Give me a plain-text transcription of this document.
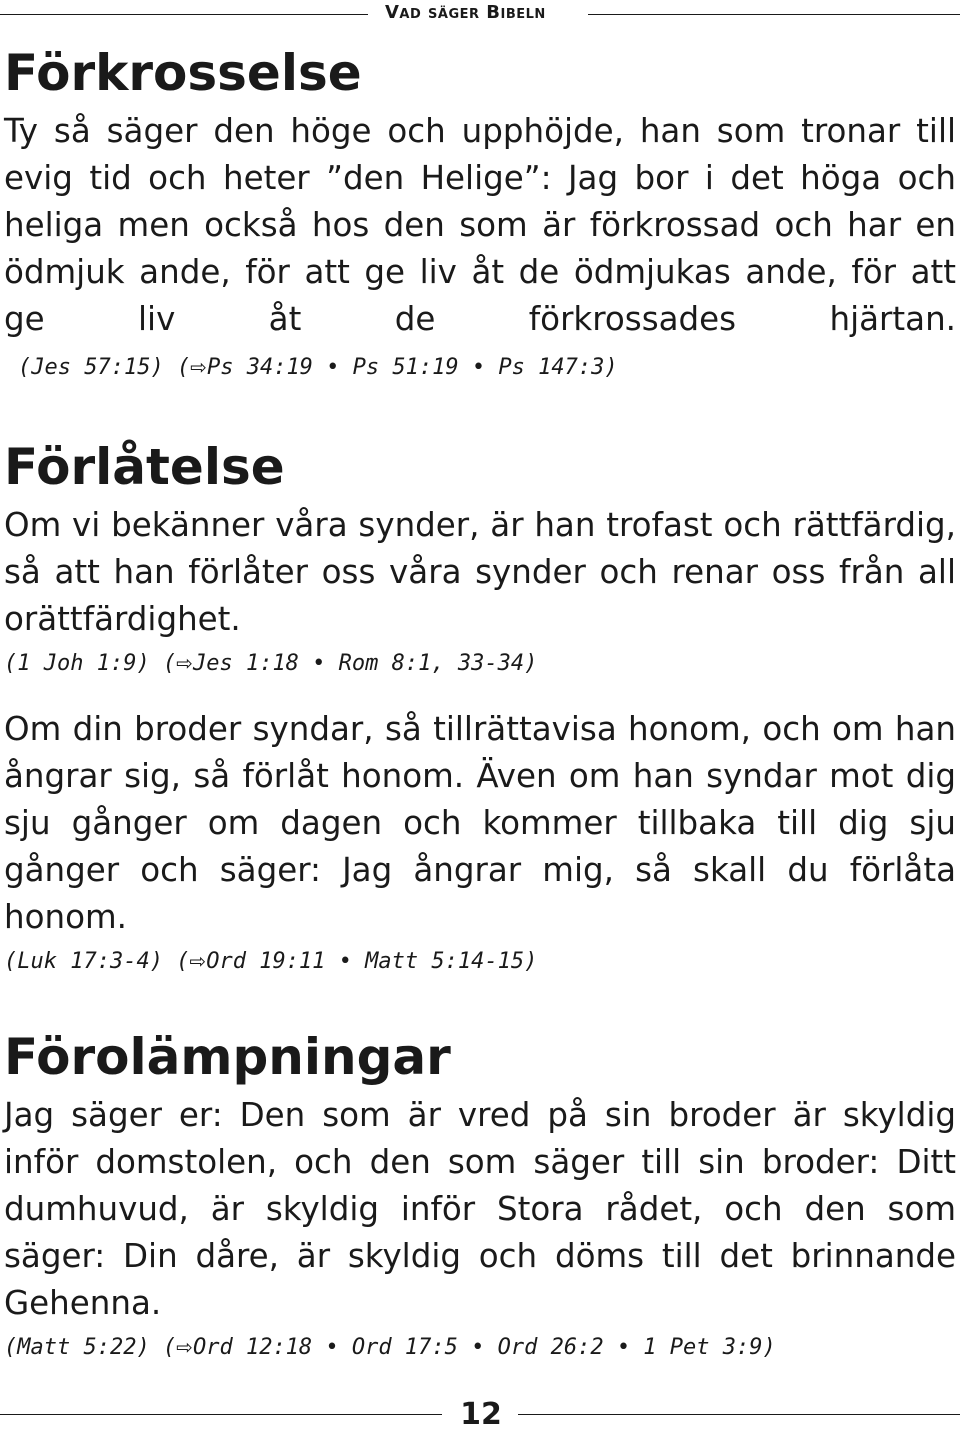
Vad säger Bibeln
Förkrosselse

Ty så säger den höge och upphöjde, han som tronar till evig tid och heter ”den Helige”: Jag bor i det höga och heliga men också hos den som är förkrossad och har en ödmjuk ande, för att ge liv åt de ödmjukas ande, för att ge liv åt de förkrossades hjärtan.(Jes 57:15) (⇨Ps 34:19 • Ps 51:19 • Ps 147:3)

Förlåtelse

Om vi bekänner våra synder, är han trofast och rättfärdig, så att han förlåter oss våra synder och renar oss från all orättfärdighet.

(1 Joh 1:9) (⇨Jes 1:18 • Rom 8:1, 33-34)

Om din broder syndar, så tillrättavisa honom, och om han ångrar sig, så förlåt honom. Även om han syndar mot dig sju gånger om dagen och kommer tillbaka till dig sju gånger och säger: Jag ångrar mig, så skall du förlåta honom.

(Luk 17:3-4) (⇨Ord 19:11 • Matt 5:14-15)

Förolämpningar

Jag säger er: Den som är vred på sin broder är skyldig inför domstolen, och den som säger till sin broder: Ditt dumhuvud, är skyldig inför Stora rådet, och den som säger: Din dåre, är skyldig och döms till det brinnande Gehenna.

(Matt 5:22) (⇨Ord 12:18 • Ord 17:5 • Ord 26:2 • 1 Pet 3:9)

12
